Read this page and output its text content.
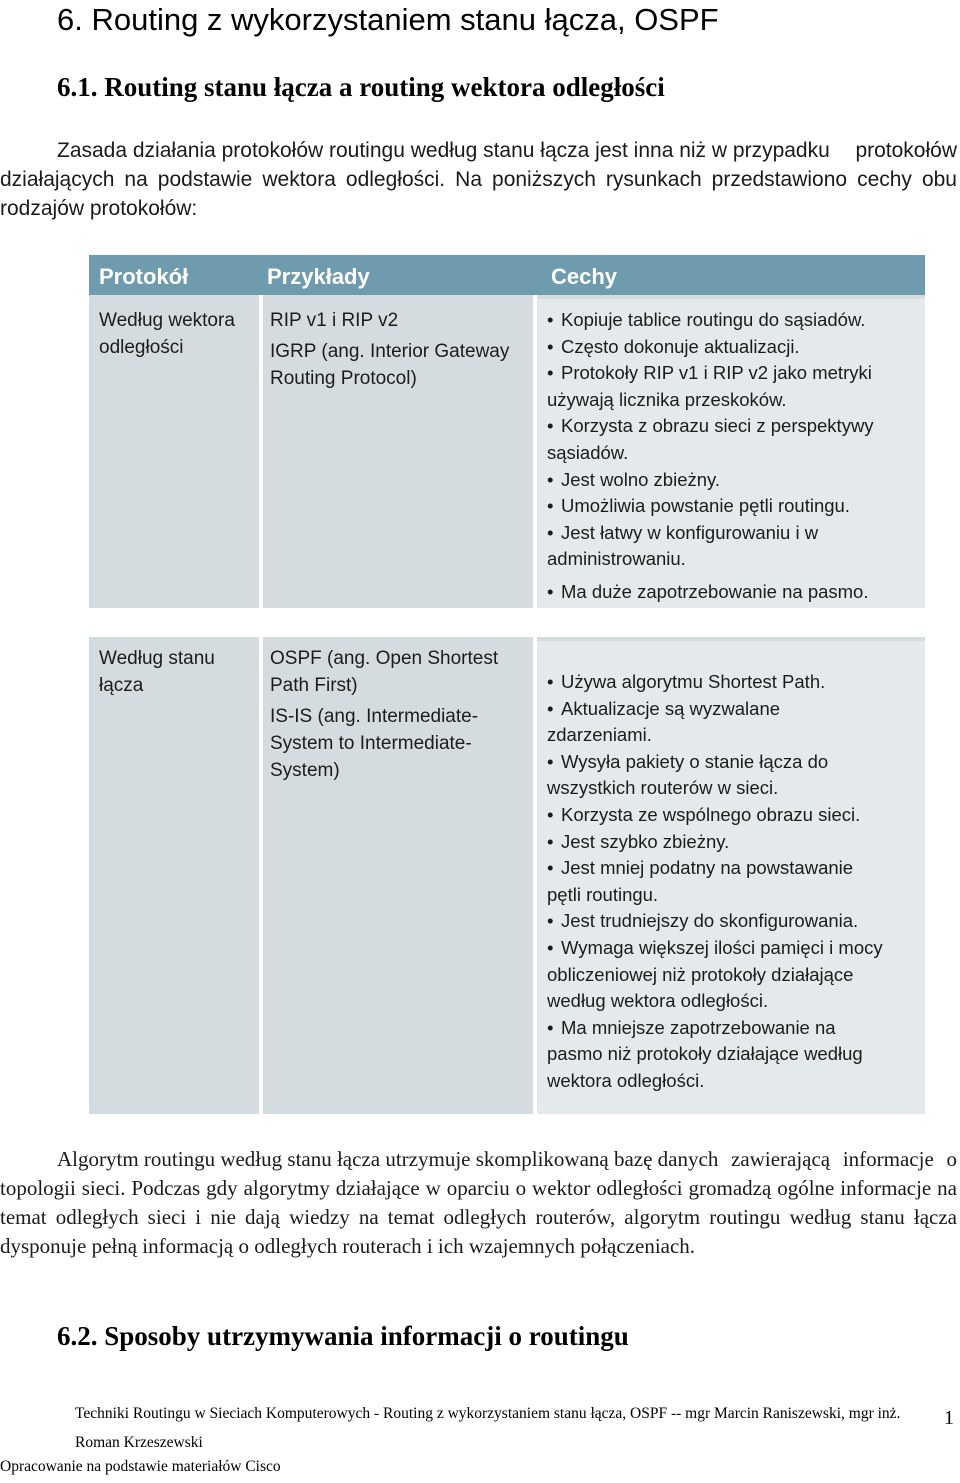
6. Routing z wykorzystaniem stanu łącza, OSPF
6.1. Routing stanu łącza a routing wektora odległości

Zasada działania protokołów routingu według stanu łącza jest inna niż w przypadku protokołów działających na podstawie wektora odległości. Na poniższych rysunkach przedstawiono cechy obu rodzajów protokołów:

Według wektora
odległości

RIP v1 i RIP v2

IGRP (ang. Interior Gateway
Routing Protocol)

• Kopiuje tablice routingu do sąsiadów.
• Często dokonuje aktualizacji.
• Protokoły RIP v1 i RIP v2 jako metryki
używają licznika przeskoków.
• Korzysta z obrazu sieci z perspektywy
sąsiadów.
• Jest wolno zbieżny.
• Umożliwia powstanie pętli routingu.
• Jest łatwy w konfigurowaniu i w
administrowaniu.
• Ma duże zapotrzebowanie na pasmo.
Protokół	Przykłady	Cechy
Według stanu
łącza

OSPF (ang. Open Shortest
Path First)

IS-IS (ang. Intermediate-
System to Intermediate-
System)

• Używa algorytmu Shortest Path.
• Aktualizacje są wyzwalane
zdarzeniami.
• Wysyła pakiety o stanie łącza do
wszystkich routerów w sieci.
• Korzysta ze wspólnego obrazu sieci.
• Jest szybko zbieżny.
• Jest mniej podatny na powstawanie
pętli routingu.
• Jest trudniejszy do skonfigurowania.
• Wymaga większej ilości pamięci i mocy
obliczeniowej niż protokoły działające
według wektora odległości.
• Ma mniejsze zapotrzebowanie na
pasmo niż protokoły działające według
wektora odległości.

Algorytm routingu według stanu łącza utrzymuje skomplikowaną bazę danych zawierającą informacje o topologii sieci. Podczas gdy algorytmy działające w oparciu o wektor odległości gromadzą ogólne informacje na temat odległych sieci i nie dają wiedzy na temat odległych routerów, algorytm routingu według stanu łącza dysponuje pełną informacją o odległych routerach i ich wzajemnych połączeniach.

6.2. Sposoby utrzymywania informacji o routingu

Techniki Routingu w Sieciach Komputerowych - Routing z wykorzystaniem stanu łącza, OSPF -- mgr Marcin Raniszewski, mgr inż. Roman Krzeszewski

1
Opracowanie na podstawie materiałów Cisco
